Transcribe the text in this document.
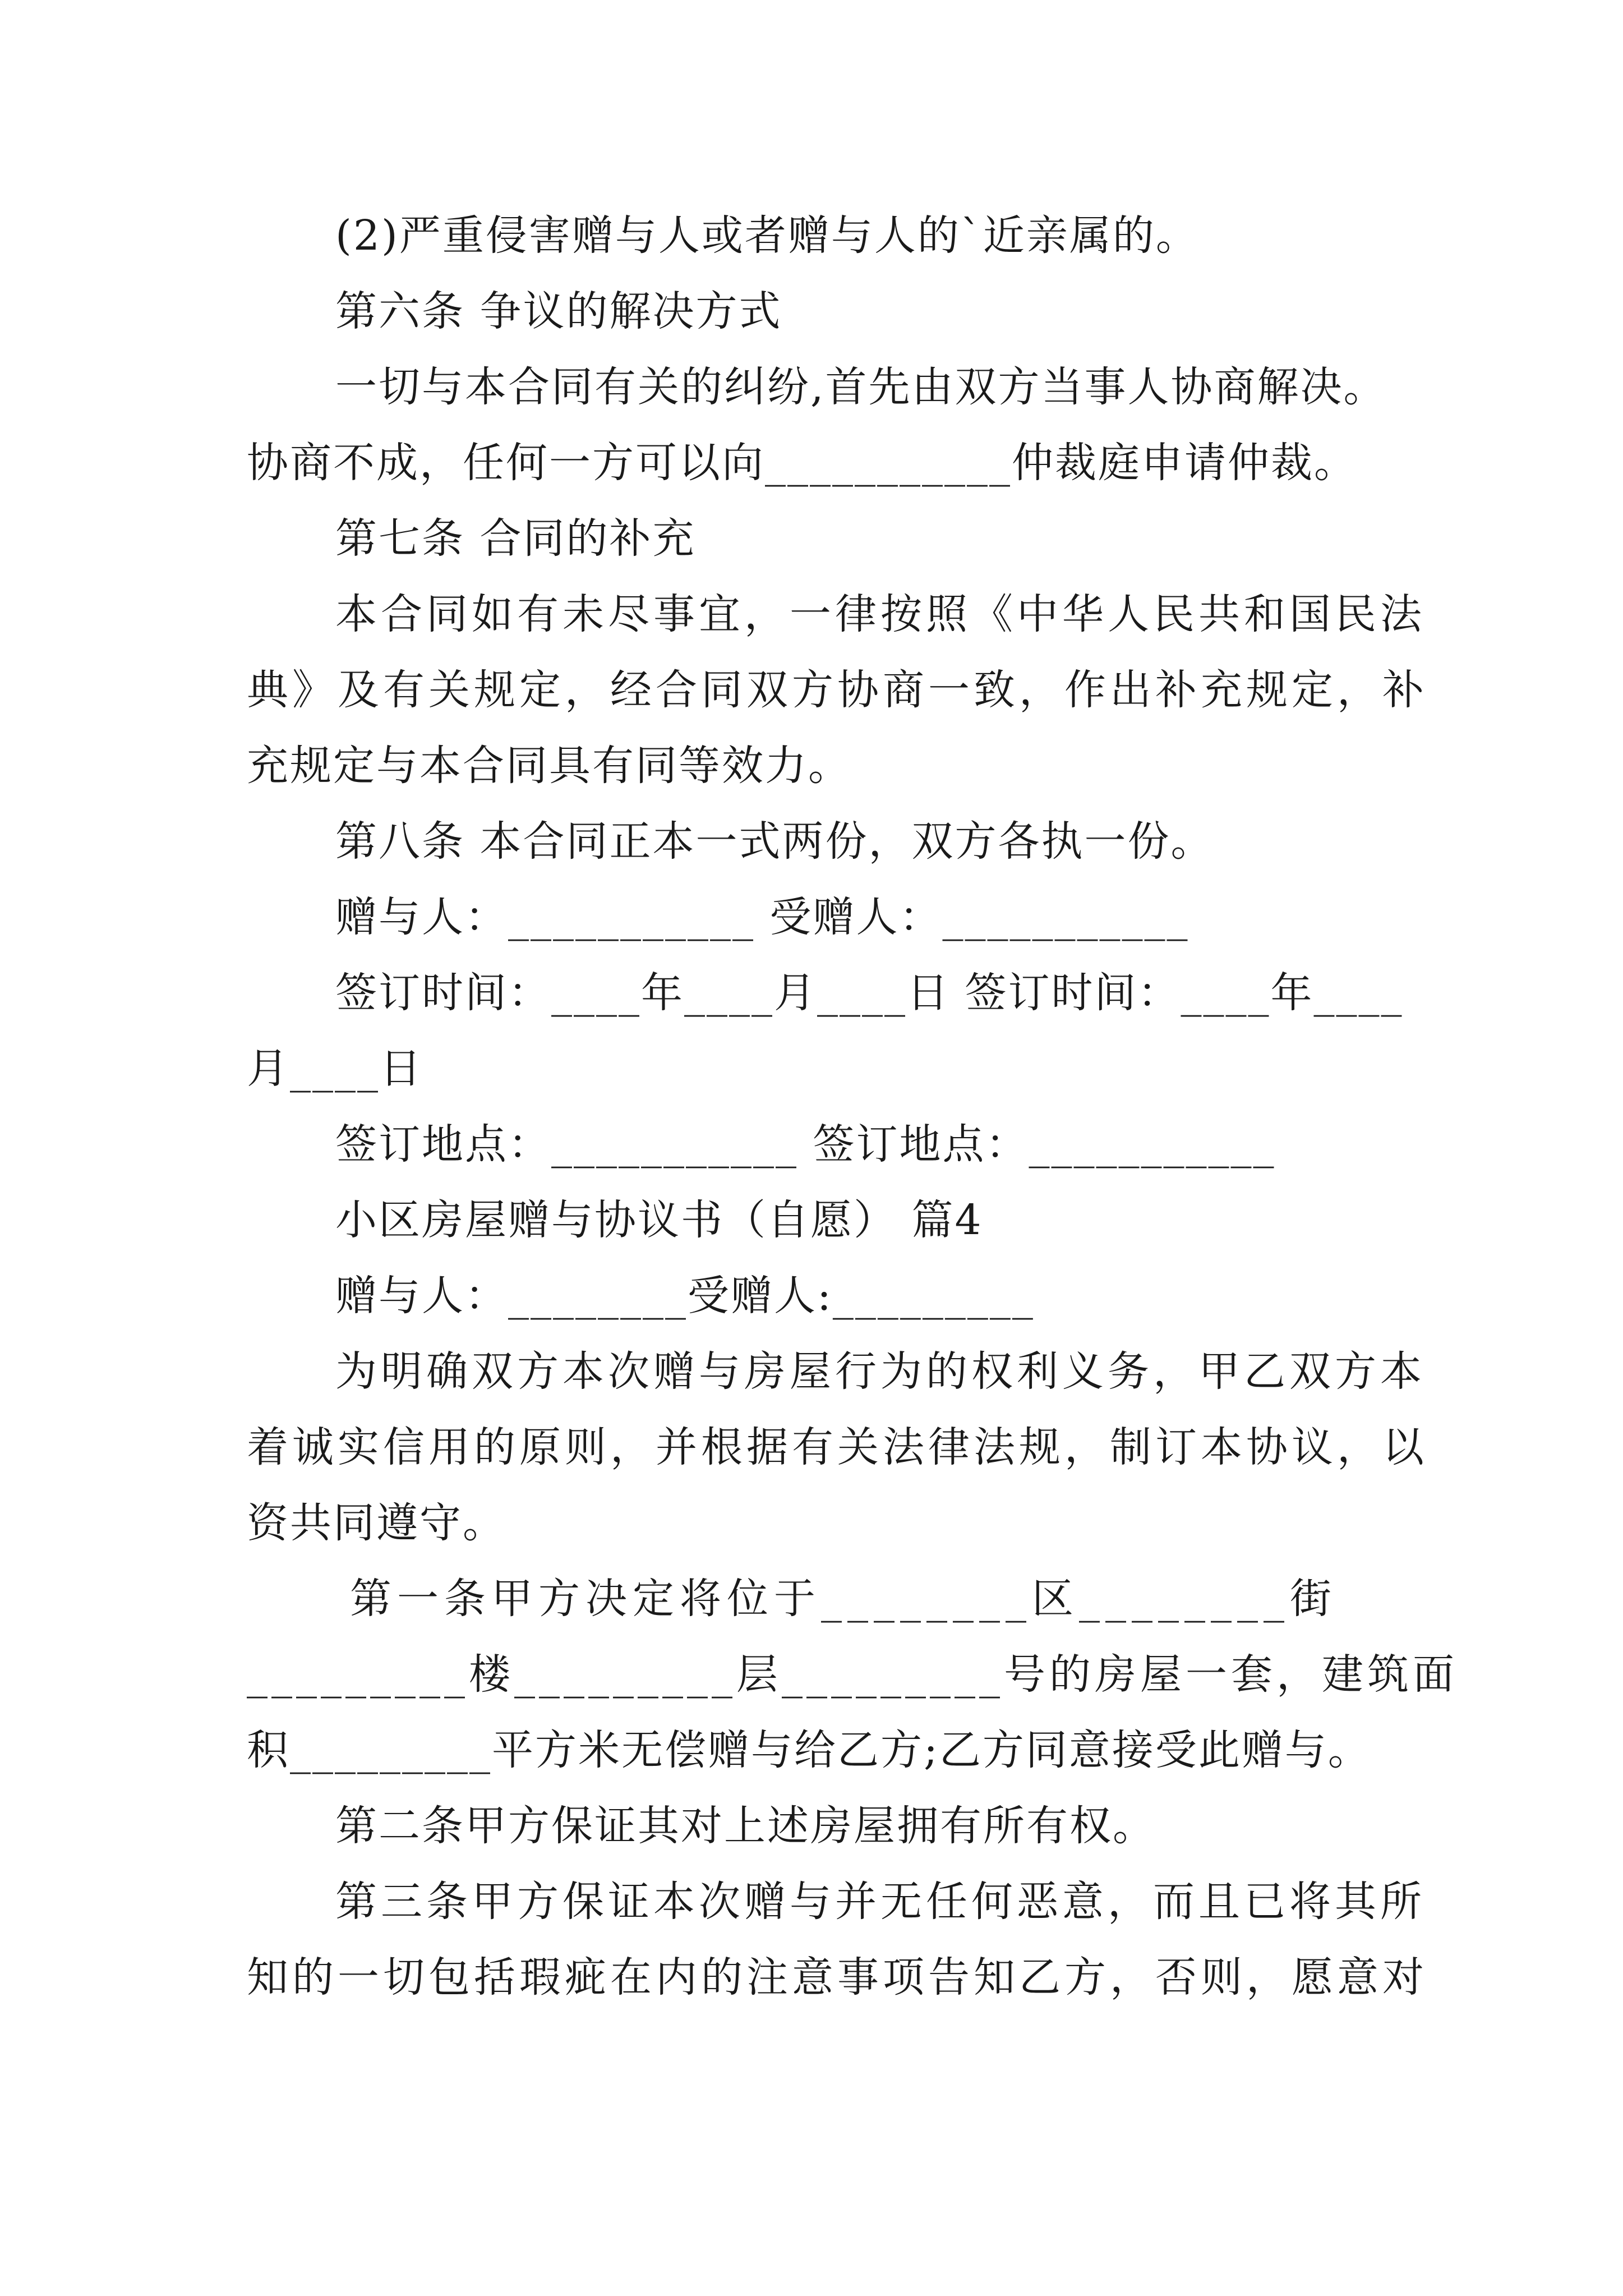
(2)严重侵害赠与人或者赠与人的`近亲属的。
第六条 争议的解决方式
一切与本合同有关的纠纷,首先由双方当事人协商解决。
协商不成，任何一方可以向___________仲裁庭申请仲裁。
第七条 合同的补充
本合同如有未尽事宜，一律按照《中华人民共和国民法
典》及有关规定，经合同双方协商一致，作出补充规定，补
充规定与本合同具有同等效力。
第八条 本合同正本一式两份，双方各执一份。
赠与人：___________ 受赠人：___________
签订时间：____年____月____日 签订时间：____年____
月____日
签订地点：___________ 签订地点：___________
小区房屋赠与协议书（自愿） 篇4
赠与人：________受赠人:_________
为明确双方本次赠与房屋行为的权利义务，甲乙双方本
着诚实信用的原则，并根据有关法律法规，制订本协议，以
资共同遵守。
第一条甲方决定将位于________区________街
_________楼_________层_________号的房屋一套，建筑面
积_________平方米无偿赠与给乙方;乙方同意接受此赠与。
第二条甲方保证其对上述房屋拥有所有权。
第三条甲方保证本次赠与并无任何恶意，而且已将其所
知的一切包括瑕疵在内的注意事项告知乙方，否则，愿意对
